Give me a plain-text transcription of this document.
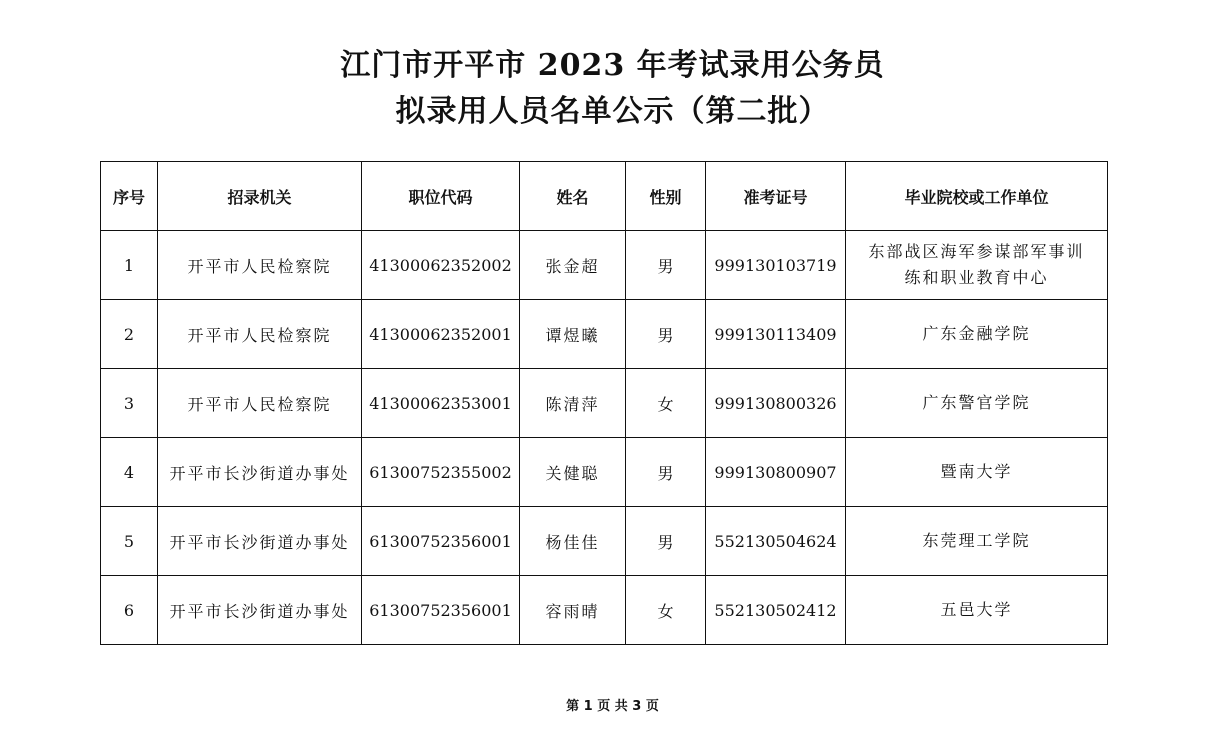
江门市开平市 2023 年考试录用公务员
拟录用人员名单公示（第二批）
序号	招录机关	职位代码	姓名	性别	准考证号	毕业院校或工作单位
1	开平市人民检察院	41300062352002	张金超	男	999130103719	东部战区海军参谋部军事训练和职业教育中心
2	开平市人民检察院	41300062352001	谭煜曦	男	999130113409	广东金融学院
3	开平市人民检察院	41300062353001	陈清萍	女	999130800326	广东警官学院
4	开平市长沙街道办事处	61300752355002	关健聪	男	999130800907	暨南大学
5	开平市长沙街道办事处	61300752356001	杨佳佳	男	552130504624	东莞理工学院
6	开平市长沙街道办事处	61300752356001	容雨晴	女	552130502412	五邑大学
第 1 页 共 3 页
